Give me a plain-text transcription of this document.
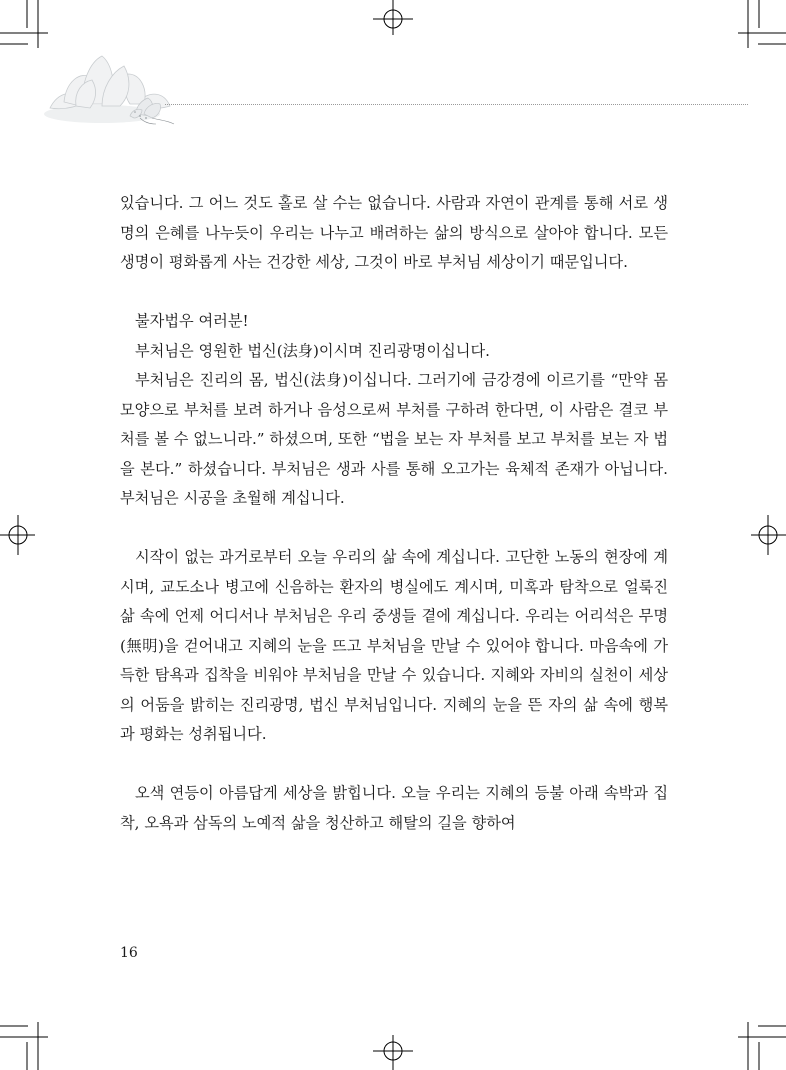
있습니다. 그 어느 것도 홀로 살 수는 없습니다. 사람과 자연이 관계를 통해 서로 생명의 은혜를 나누듯이 우리는 나누고 배려하는 삶의 방식으로 살아야 합니다. 모든 생명이 평화롭게 사는 건강한 세상, 그것이 바로 부처님 세상이기 때문입니다.

불자법우 여러분!

부처님은 영원한 법신(法身)이시며 진리광명이십니다.

부처님은 진리의 몸, 법신(法身)이십니다. 그러기에 금강경에 이르기를 “만약 몸 모양으로 부처를 보려 하거나 음성으로써 부처를 구하려 한다면, 이 사람은 결코 부처를 볼 수 없느니라.” 하셨으며, 또한 “법을 보는 자 부처를 보고 부처를 보는 자 법을 본다.” 하셨습니다. 부처님은 생과 사를 통해 오고가는 육체적 존재가 아닙니다. 부처님은 시공을 초월해 계십니다.

시작이 없는 과거로부터 오늘 우리의 삶 속에 계십니다. 고단한 노동의 현장에 계시며, 교도소나 병고에 신음하는 환자의 병실에도 계시며, 미혹과 탐착으로 얼룩진 삶 속에 언제 어디서나 부처님은 우리 중생들 곁에 계십니다. 우리는 어리석은 무명(無明)을 걷어내고 지혜의 눈을 뜨고 부처님을 만날 수 있어야 합니다. 마음속에 가득한 탐욕과 집착을 비워야 부처님을 만날 수 있습니다. 지혜와 자비의 실천이 세상의 어둠을 밝히는 진리광명, 법신 부처님입니다. 지혜의 눈을 뜬 자의 삶 속에 행복과 평화는 성취됩니다.

오색 연등이 아름답게 세상을 밝힙니다. 오늘 우리는 지혜의 등불 아래 속박과 집착, 오욕과 삼독의 노예적 삶을 청산하고 해탈의 길을 향하여

16
